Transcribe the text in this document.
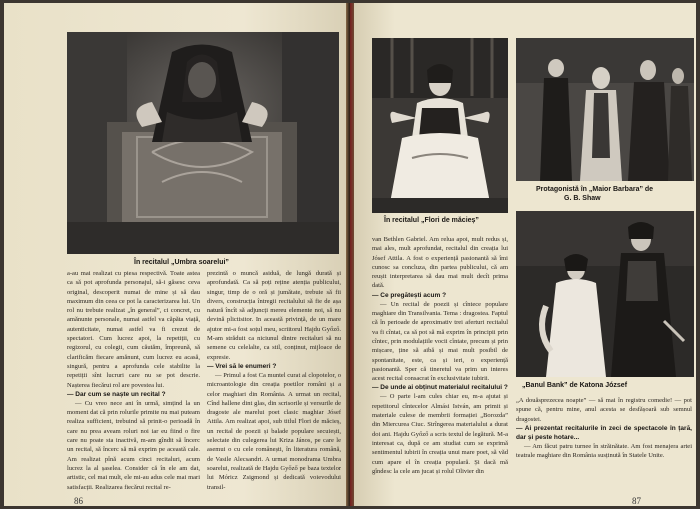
În recitalul „Umbra soarelui”

a-au mai realizat cu piesa respectivă. Toate astea ca să pot aprofunda personajul, să-i găsesc ceva original, descoperit numai de mine și să dau maximum din ceea ce pot la caracterizarea lui. Un rol nu trebuie realizat „în general”, ci concret, cu amănunte personale, numai astfel va căpăta viață, autenticitate, numai astfel va fi crezut de spectatori. Cum lucrez apoi, la repetiții, cu regizorul, cu colegii, cum căutăm, împreună, să clarificăm fiecare amănunt, cum lucrez eu acasă, singură, pentru a aprofunda cele stabilite la repetiții sînt lucruri care nu se pot descrie. Nașterea fiecărui rol are povestea lui.

— Dar cum se naște un recital ?

— Cu vreo nece ani în urmă, simțind la un moment dat că prin rolurile primite nu mai puteam realiza sufficient, trebuind să prinit-o perioadă în care nu prea aveam roluri noi iar eu fiind o fire care nu poate sta inactivă, m-am gîndit să încerc un recital, să încerc să mă exprim pe această cale. Am realizat pînă acum cinci recitaluri, acum lucrez la al șaselea. Consider că în ele am dat, artistic, cel mai mult, ele mi-au adus cele mai mari satisfacții. Realizarea fiecărui recital re-

prezintă o muncă asiduă, de lungă durată și aprofundată. Ca să poți reține atenția publicului, singur, timp de o oră și jumătate, trebuie să fii divers, construcția întregii recitalului să fie de așa natură încît să adjuncți mereu elemente noi, să nu devină plictisitor. In această privință, de un mare ajutor mi-a fost soțul meu, scriitorul Hajdu Győző. M-am străduit ca niciunul dintre recitaluri să nu semene cu celelalte, ca stil, conținut, mijloace de expresie.

— Vrei să le enumeri ?

— Primul a fost Ca muntel curat al clopotelor, o microantologie din creația poetilor români și a celor maghiari din România. A urmat un recital, Cînd hallene dint glas, din scrisorile și versurile de dragoste ale marelui poet clasic maghiar Jósef Attila. Am realizat apoi, sub titlul Flori de măcieș, un recital de poezii și balade populare secuiești, selectate din culegerea lui Kriza János, pe care le asemui o cu cele românești, în literatura română, de Vasile Alecsandri. A urmat monodrama Umbra soarelui, realizată de Hajdu Győző pe baza textelor lui Móricz Zsigmond și dedicată voievodului transil-

86
În recitalul „Flori de măcieș”
Protagonistă în „Maior Barbara” de
G. B. Shaw
„Banul Bank” de Katona József

van Bethlen Gabriel. Am relua apoi, mult redus și, mai ales, mult aprofundat, recitalul din creația lui Jósef Attila. A fost o experiență pasionantă să îmi cunosc sa concluza, din partea publicului, că am reușit interpretarea să dau mai mult decît prima dată.

— Ce pregătești acum ?

— Un recital de poezii și cîntece populare maghiare din Transilvania. Tema : dragostea. Faptul că în perioade de aproximativ trei aferturi recitalul va fi cîntat, ca să pot să mă exprim în principii prin cîntec, prin modulațiile vocii cîntate, precum și prin mișcare, ține să aibă și mai mult posibil de spontanitate, este, ca și ieri, o experiență pasionantă. Sper că tineretul va prim un interes acest recital consacrat în exclusivitate iubirii.

— De unde ai obținut materialul recitalului ?

— O parte l-am cules chiar eu, m-a ajutat și repetitorul cîntecelor Almási István, am primit și materiale culese de membrii formației „Borozda” din Miercurea Ciuc. Strîngerea materialului a durat doi ani. Hajdu Győző a scris textul de legătură. M-a interesat ca, după ce am studiat cum se exprimă sentimentul iubirii în creația unui mare poet, să văd cum apare el în creația populară. Și dacă mă gîndesc la cele am jucat și rolul Olivier din

„A douăsprezecea noapte” — să mai în registru comedie! — pot spune că, pentru mine, anul acesta se desfășoară sub semnul dragostei.

— Ai prezentat recitalurile în zeci de spectacole în țară, dar și peste hotare...

— Am făcut patru turnee în străinătate. Am fost menajera artei teatrale maghiare din România susținută în Statele Unite.

87
